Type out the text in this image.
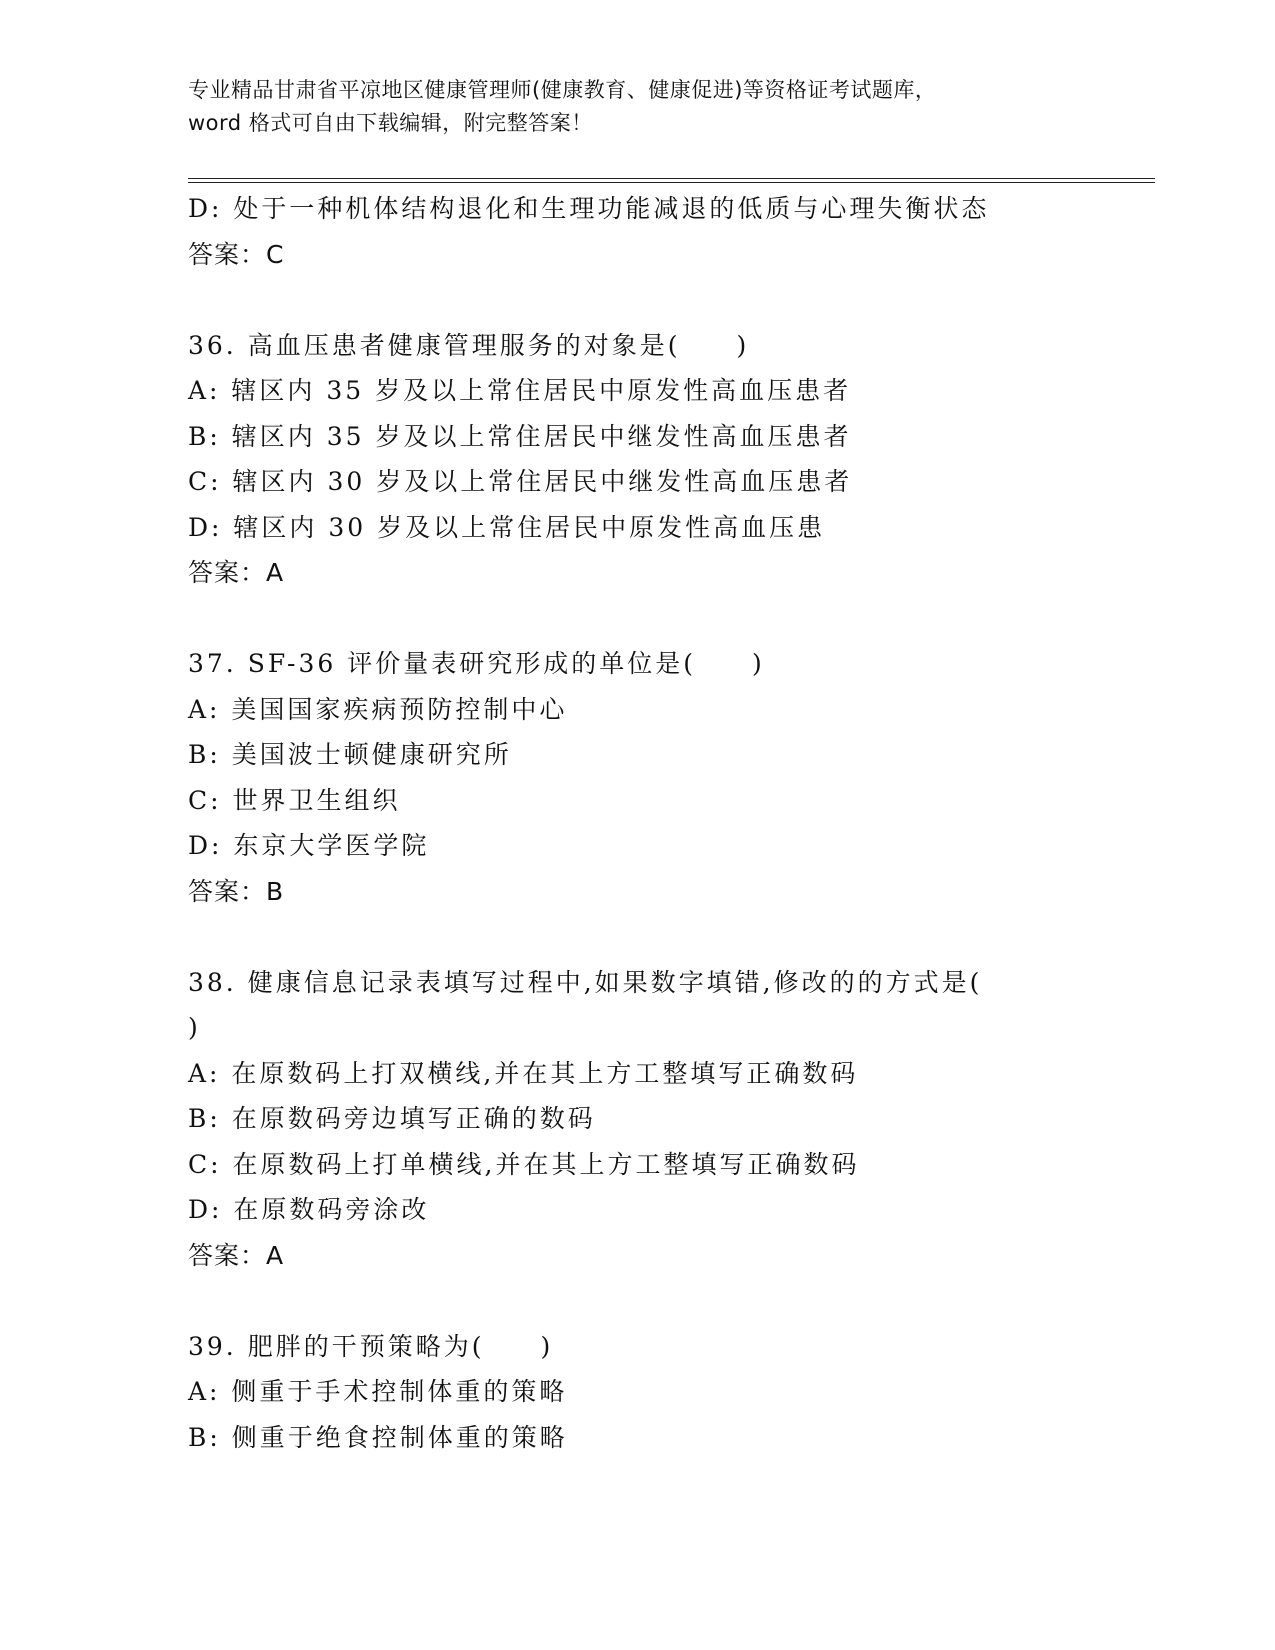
专业精品甘肃省平凉地区健康管理师(健康教育、健康促进)等资格证考试题库，
word 格式可自由下载编辑，附完整答案！
D: 处于一种机体结构退化和生理功能减退的低质与心理失衡状态
答案：C
36. 高血压患者健康管理服务的对象是(　　)
A: 辖区内 35 岁及以上常住居民中原发性高血压患者
B: 辖区内 35 岁及以上常住居民中继发性高血压患者
C: 辖区内 30 岁及以上常住居民中继发性高血压患者
D: 辖区内 30 岁及以上常住居民中原发性高血压患
答案：A
37. SF-36 评价量表研究形成的单位是(　　)
A: 美国国家疾病预防控制中心
B: 美国波士顿健康研究所
C: 世界卫生组织
D: 东京大学医学院
答案：B
38. 健康信息记录表填写过程中,如果数字填错,修改的的方式是(
)
A: 在原数码上打双横线,并在其上方工整填写正确数码
B: 在原数码旁边填写正确的数码
C: 在原数码上打单横线,并在其上方工整填写正确数码
D: 在原数码旁涂改
答案：A
39. 肥胖的干预策略为(　　)
A: 侧重于手术控制体重的策略
B: 侧重于绝食控制体重的策略
